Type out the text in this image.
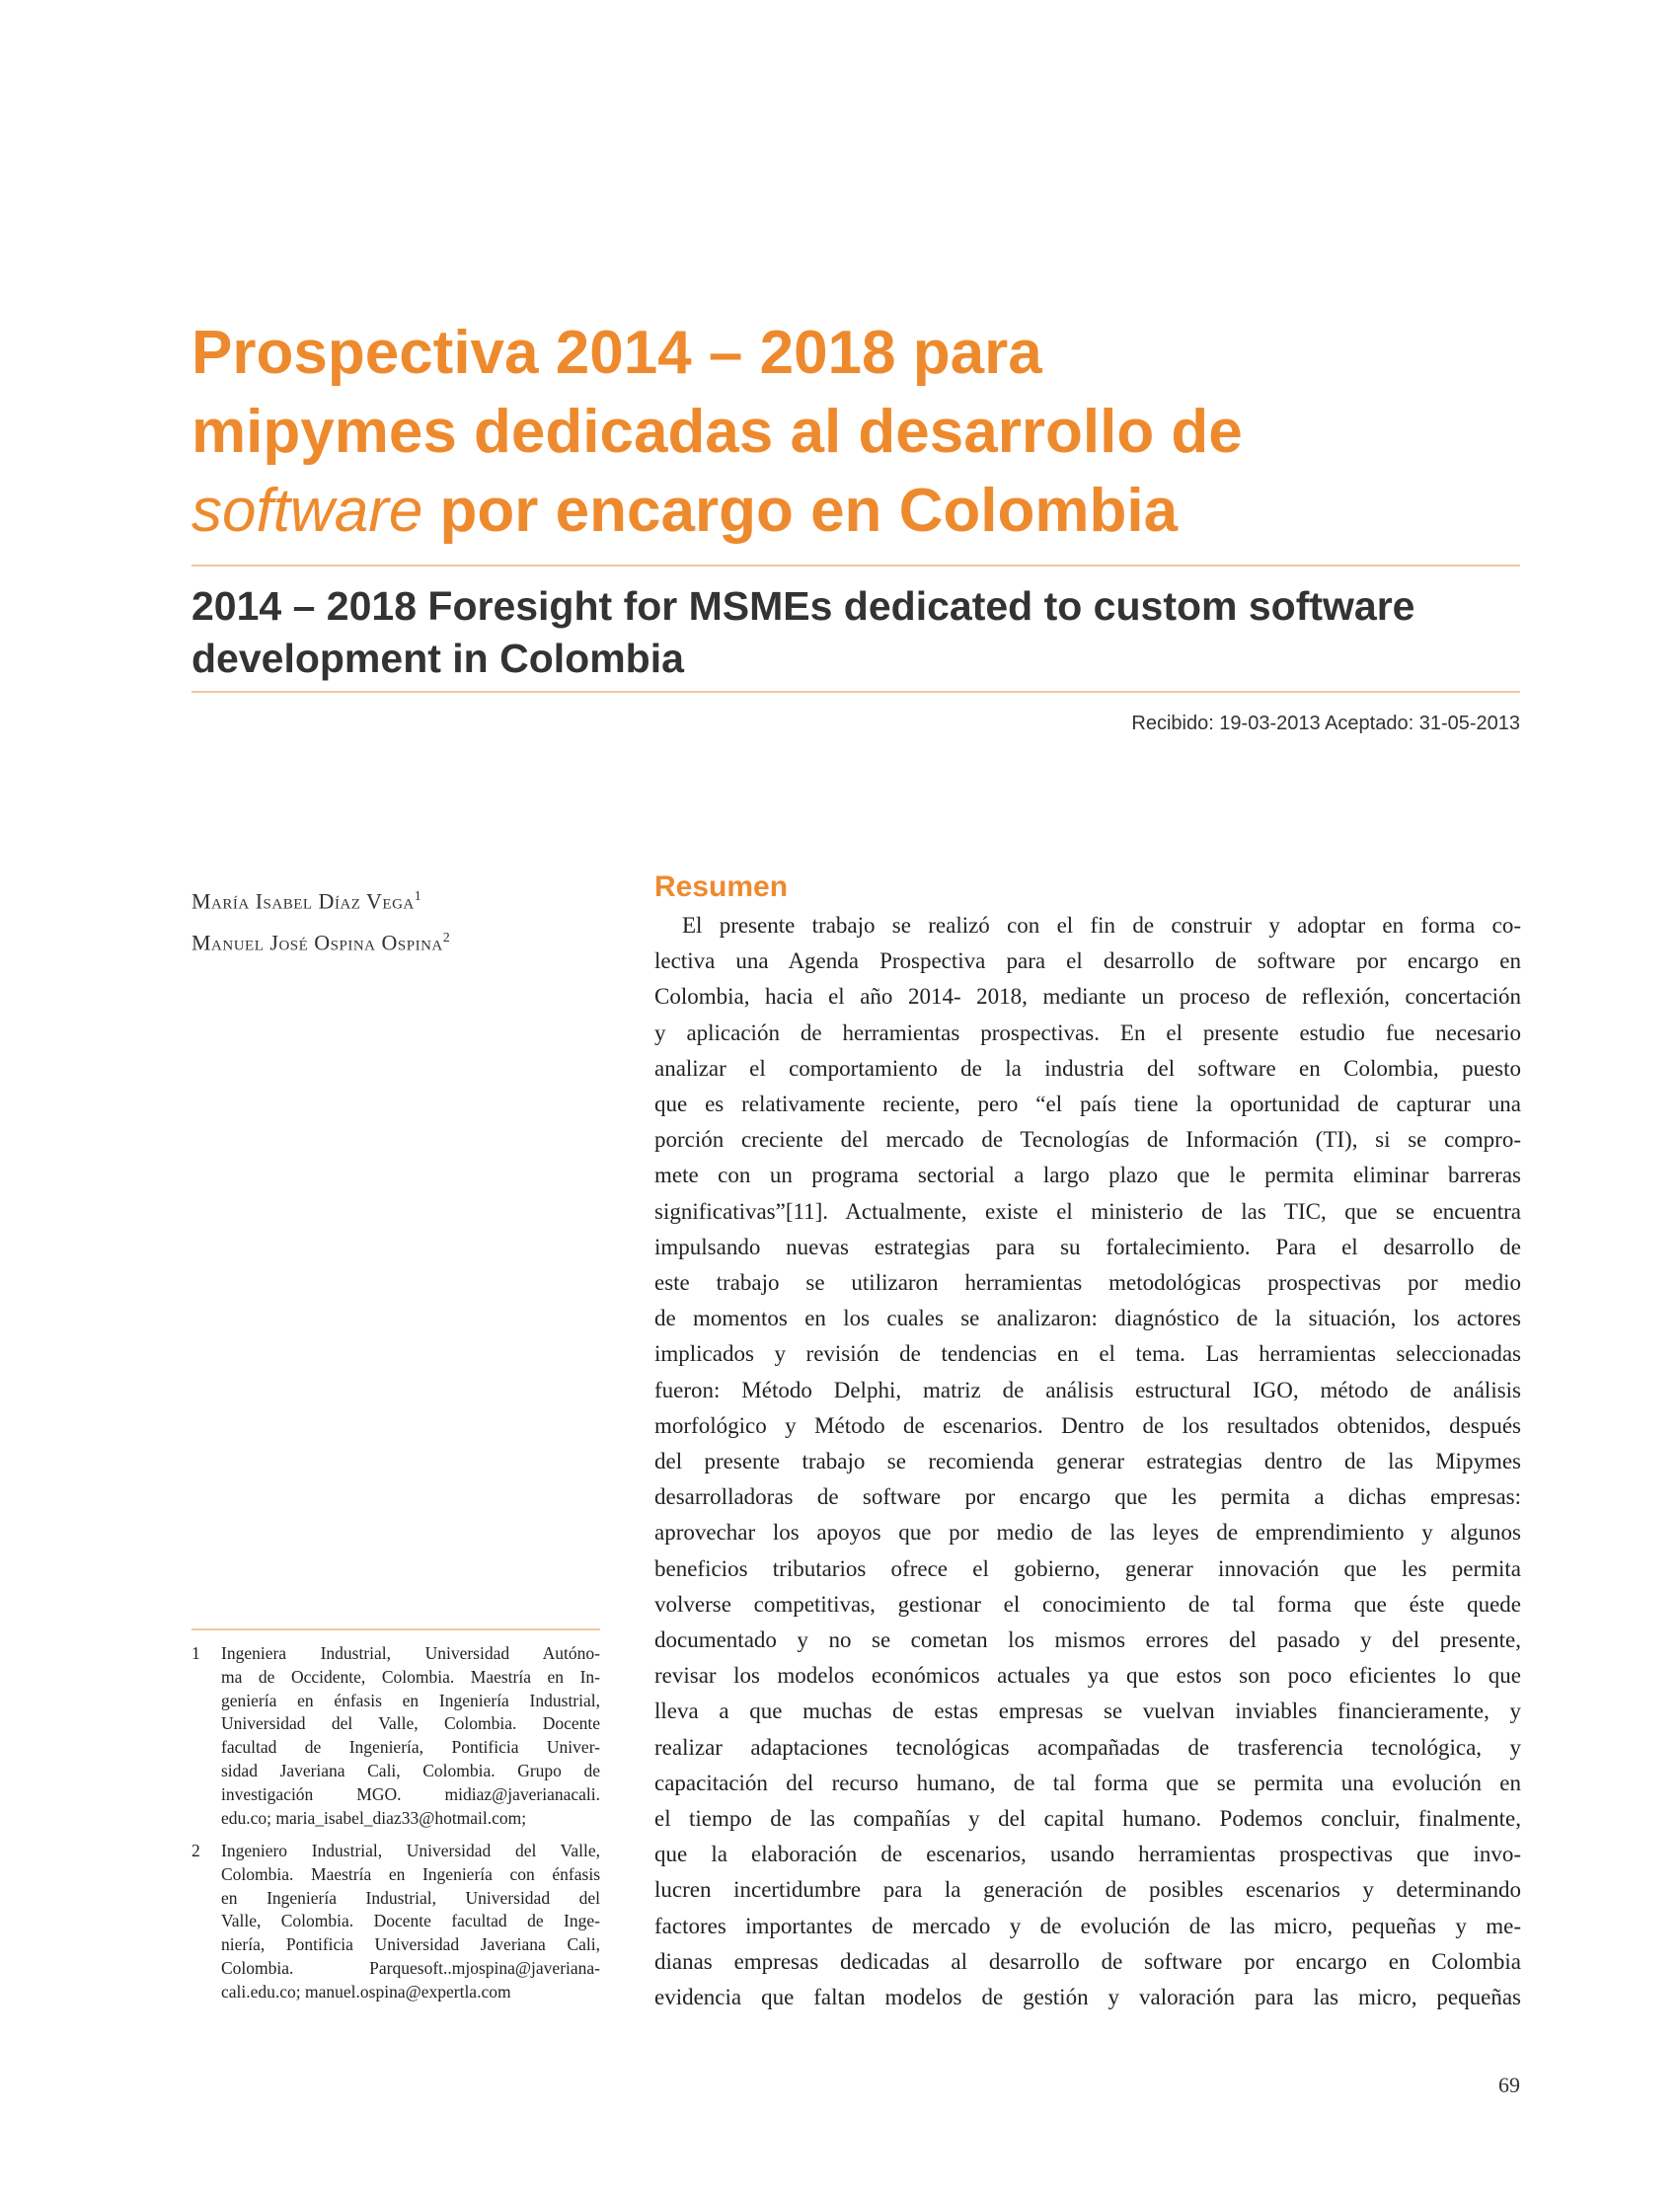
Prospectiva 2014 – 2018 para
mipymes dedicadas al desarrollo de
software por encargo en Colombia
2014 – 2018 Foresight for MSMEs dedicated to custom software
development in Colombia
Recibido: 19-03-2013 Aceptado: 31-05-2013
María Isabel Díaz Vega$^1$
Manuel José Ospina Ospina$^2$
Resumen
El presente trabajo se realizó con el fin de construir y adoptar en forma co-
lectiva una Agenda Prospectiva para el desarrollo de software por encargo en
Colombia, hacia el año 2014- 2018, mediante un proceso de reflexión, concertación
y aplicación de herramientas prospectivas. En el presente estudio fue necesario
analizar el comportamiento de la industria del software en Colombia, puesto
que es relativamente reciente, pero “el país tiene la oportunidad de capturar una
porción creciente del mercado de Tecnologías de Información (TI), si se compro-
mete con un programa sectorial a largo plazo que le permita eliminar barreras
significativas”[11]. Actualmente, existe el ministerio de las TIC, que se encuentra
impulsando nuevas estrategias para su fortalecimiento. Para el desarrollo de
este trabajo se utilizaron herramientas metodológicas prospectivas por medio
de momentos en los cuales se analizaron: diagnóstico de la situación, los actores
implicados y revisión de tendencias en el tema. Las herramientas seleccionadas
fueron: Método Delphi, matriz de análisis estructural IGO, método de análisis
morfológico y Método de escenarios. Dentro de los resultados obtenidos, después
del presente trabajo se recomienda generar estrategias dentro de las Mipymes
desarrolladoras de software por encargo que les permita a dichas empresas:
aprovechar los apoyos que por medio de las leyes de emprendimiento y algunos
beneficios tributarios ofrece el gobierno, generar innovación que les permita
volverse competitivas, gestionar el conocimiento de tal forma que éste quede
documentado y no se cometan los mismos errores del pasado y del presente,
revisar los modelos económicos actuales ya que estos son poco eficientes lo que
lleva a que muchas de estas empresas se vuelvan inviables financieramente, y
realizar adaptaciones tecnológicas acompañadas de trasferencia tecnológica, y
capacitación del recurso humano, de tal forma que se permita una evolución en
el tiempo de las compañías y del capital humano. Podemos concluir, finalmente,
que la elaboración de escenarios, usando herramientas prospectivas que invo-
lucren incertidumbre para la generación de posibles escenarios y determinando
factores importantes de mercado y de evolución de las micro, pequeñas y me-
dianas empresas dedicadas al desarrollo de software por encargo en Colombia
evidencia que faltan modelos de gestión y valoración para las micro, pequeñas
1 Ingeniera Industrial, Universidad Autóno-
ma de Occidente, Colombia. Maestría en In-
geniería en énfasis en Ingeniería Industrial,
Universidad del Valle, Colombia. Docente
facultad de Ingeniería, Pontificia Univer-
sidad Javeriana Cali, Colombia. Grupo de
investigación MGO. midiaz@javerianacali.
edu.co; maria_isabel_diaz33@hotmail.com;
2 Ingeniero Industrial, Universidad del Valle,
Colombia. Maestría en Ingeniería con énfasis
en Ingeniería Industrial, Universidad del
Valle, Colombia. Docente facultad de Inge-
niería, Pontificia Universidad Javeriana Cali,
Colombia. Parquesoft..mjospina@javeriana-
cali.edu.co; manuel.ospina@expertla.com
69
